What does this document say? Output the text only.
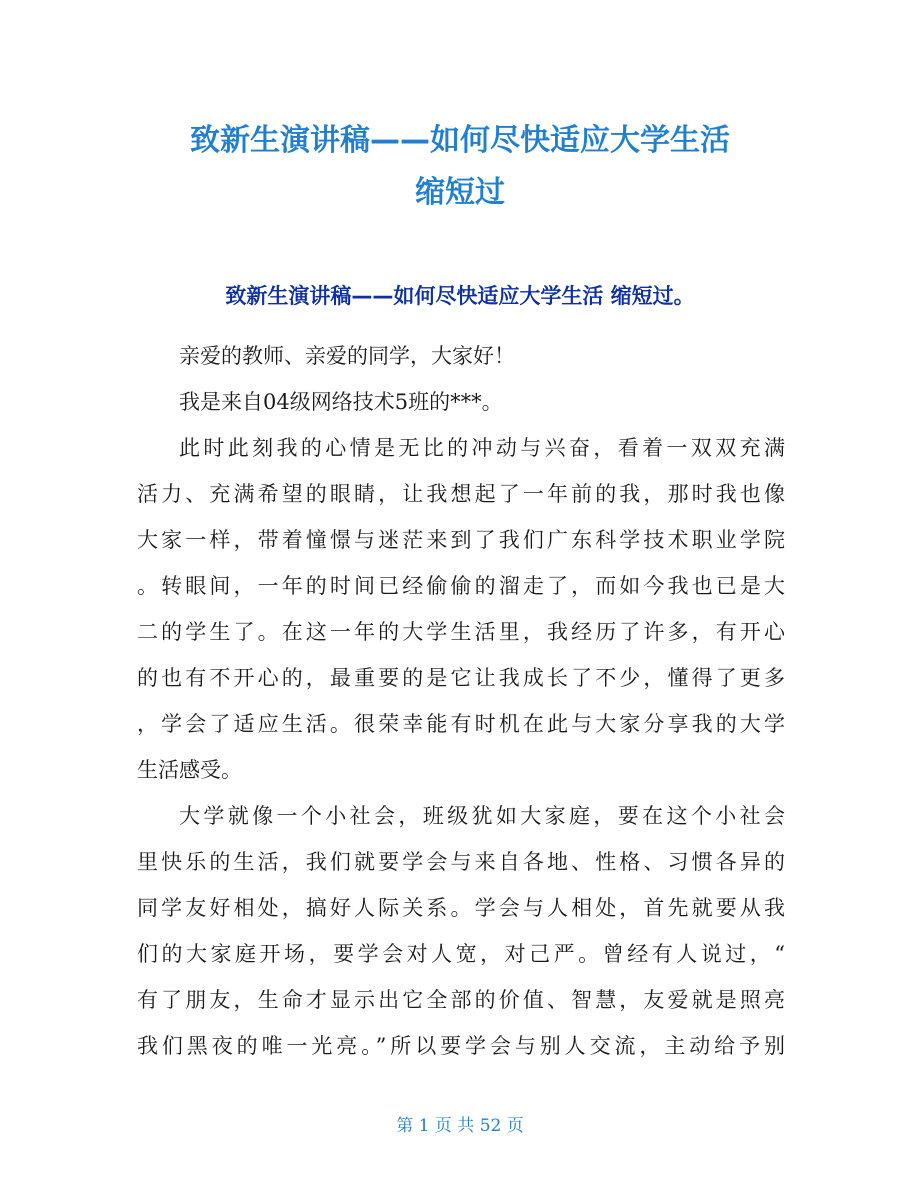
致新生演讲稿——如何尽快适应大学生活
缩短过
致新生演讲稿——如何尽快适应大学生活 缩短过。
亲爱的教师、亲爱的同学，大家好！
我是来自04级网络技术5班的***。
此时此刻我的心情是无比的冲动与兴奋，看着一双双充满
活力、充满希望的眼睛，让我想起了一年前的我，那时我也像
大家一样，带着憧憬与迷茫来到了我们广东科学技术职业学院
。转眼间，一年的时间已经偷偷的溜走了，而如今我也已是大
二的学生了。在这一年的大学生活里，我经历了许多，有开心
的也有不开心的，最重要的是它让我成长了不少，懂得了更多
，学会了适应生活。很荣幸能有时机在此与大家分享我的大学
生活感受。
大学就像一个小社会，班级犹如大家庭，要在这个小社会
里快乐的生活，我们就要学会与来自各地、性格、习惯各异的
同学友好相处，搞好人际关系。学会与人相处，首先就要从我
们的大家庭开场，要学会对人宽，对己严。曾经有人说过，“
有了朋友，生命才显示出它全部的价值、智慧，友爱就是照亮
我们黑夜的唯一光亮。”所以要学会与别人交流，主动给予别
第 1 页 共 52 页
